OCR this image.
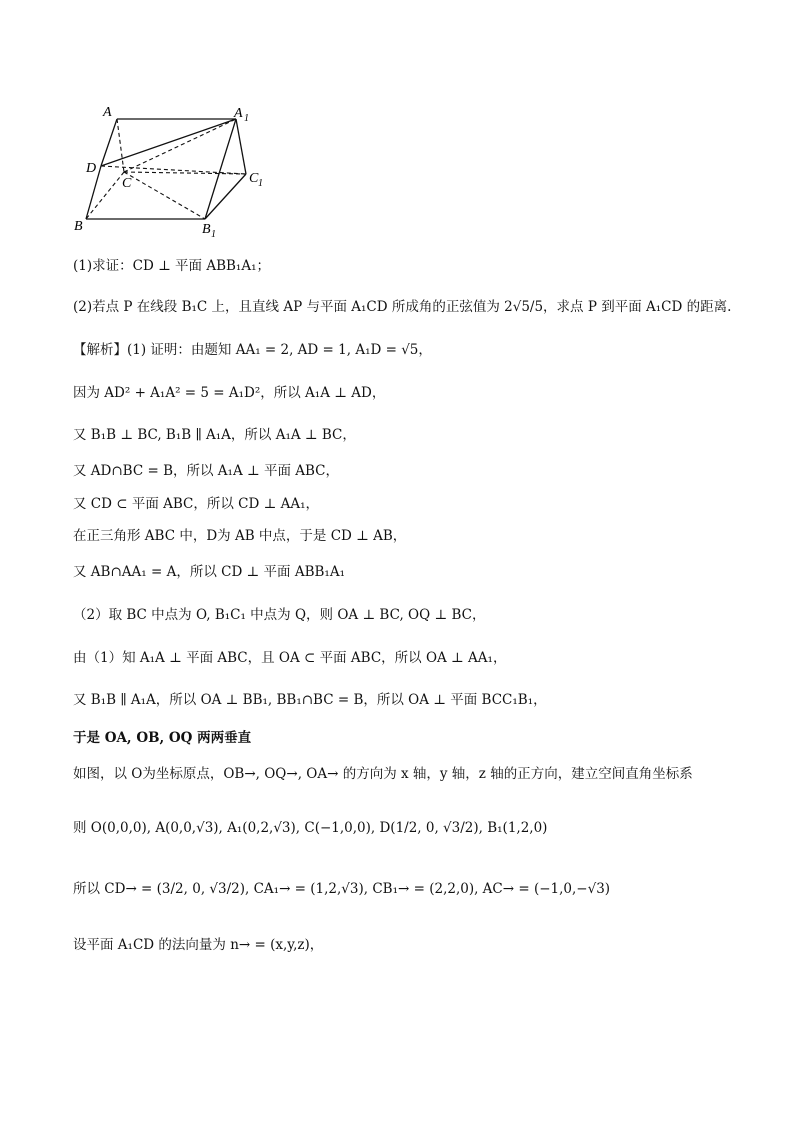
A	A 1
D
C	C 1
B	B 1
(1)求证：CD ⊥ 平面 ABB₁A₁；
(2)若点 P 在线段 B₁C 上，且直线 AP 与平面 A₁CD 所成角的正弦值为 2√5/5，求点 P 到平面 A₁CD 的距离.
【解析】(1) 证明：由题知 AA₁ = 2, AD = 1, A₁D = √5，
因为 AD² + A₁A² = 5 = A₁D²，所以 A₁A ⊥ AD，
又 B₁B ⊥ BC, B₁B ∥ A₁A，所以 A₁A ⊥ BC，
又 AD∩BC = B，所以 A₁A ⊥ 平面 ABC，
又 CD ⊂ 平面 ABC，所以 CD ⊥ AA₁，
在正三角形 ABC 中，D为 AB 中点，于是 CD ⊥ AB，
又 AB∩AA₁ = A，所以 CD ⊥ 平面 ABB₁A₁
（2）取 BC 中点为 O, B₁C₁ 中点为 Q，则 OA ⊥ BC, OQ ⊥ BC，
由（1）知 A₁A ⊥ 平面 ABC，且 OA ⊂ 平面 ABC，所以 OA ⊥ AA₁，
又 B₁B ∥ A₁A，所以 OA ⊥ BB₁, BB₁∩BC = B，所以 OA ⊥ 平面 BCC₁B₁，
于是 OA, OB, OQ 两两垂直
如图，以 O为坐标原点，OB→, OQ→, OA→ 的方向为 x 轴，y 轴，z 轴的正方向，建立空间直角坐标系
则 O(0,0,0), A(0,0,√3), A₁(0,2,√3), C(−1,0,0), D(1/2, 0, √3/2), B₁(1,2,0)
所以 CD→ = (3/2, 0, √3/2), CA₁→ = (1,2,√3), CB₁→ = (2,2,0), AC→ = (−1,0,−√3)
设平面 A₁CD 的法向量为 n→ = (x,y,z)，
